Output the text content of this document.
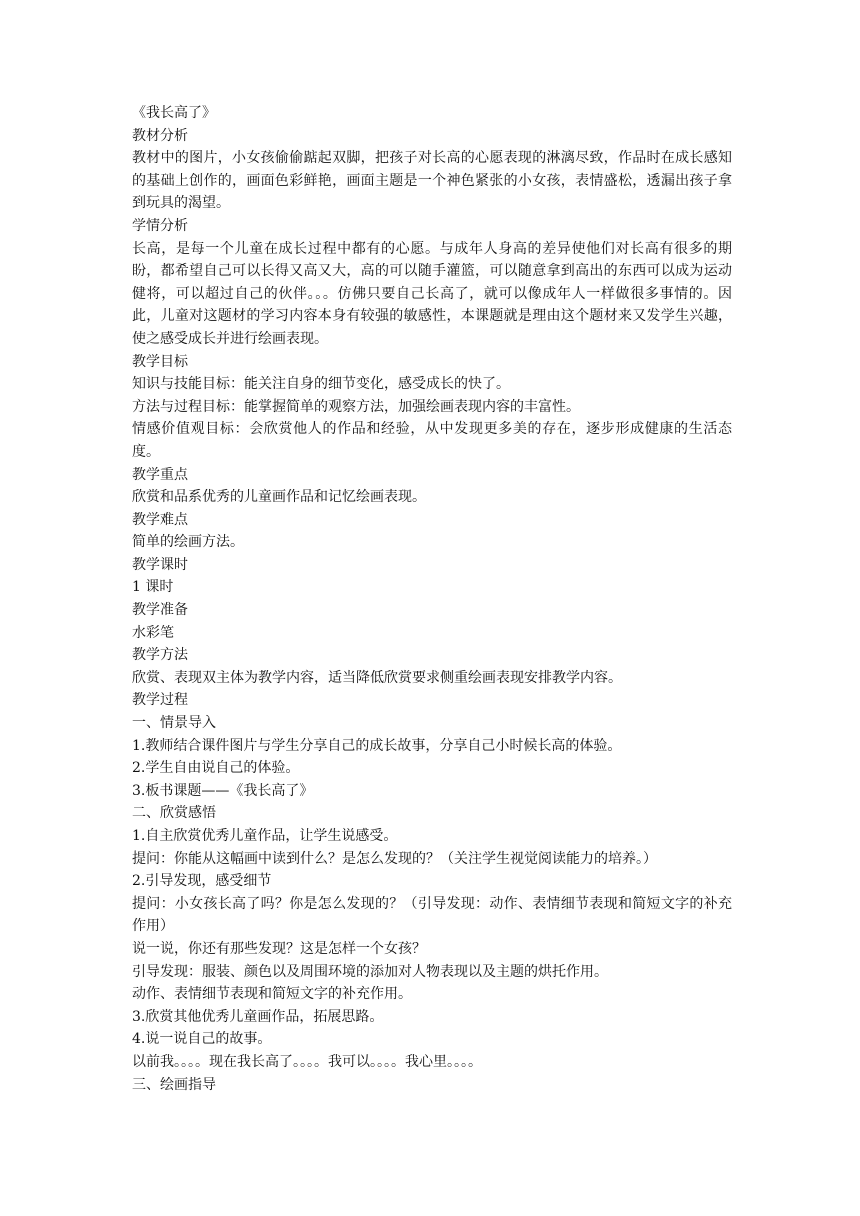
《我长高了》

教材分析

教材中的图片，小女孩偷偷踮起双脚，把孩子对长高的心愿表现的淋漓尽致，作品时在成长感知的基础上创作的，画面色彩鲜艳，画面主题是一个神色紧张的小女孩，表情盛松，透漏出孩子拿到玩具的渴望。

学情分析

长高，是每一个儿童在成长过程中都有的心愿。与成年人身高的差异使他们对长高有很多的期盼，都希望自己可以长得又高又大，高的可以随手灌篮，可以随意拿到高出的东西可以成为运动健将，可以超过自己的伙伴。。。仿佛只要自己长高了，就可以像成年人一样做很多事情的。因此，儿童对这题材的学习内容本身有较强的敏感性，本课题就是理由这个题材来又发学生兴趣，使之感受成长并进行绘画表现。

教学目标

知识与技能目标：能关注自身的细节变化，感受成长的快了。

方法与过程目标：能掌握简单的观察方法，加强绘画表现内容的丰富性。

情感价值观目标：会欣赏他人的作品和经验，从中发现更多美的存在，逐步形成健康的生活态度。

教学重点

欣赏和品系优秀的儿童画作品和记忆绘画表现。

教学难点

简单的绘画方法。

教学课时

1 课时

教学准备

水彩笔

教学方法

欣赏、表现双主体为教学内容，适当降低欣赏要求侧重绘画表现安排教学内容。

教学过程

一、情景导入

1.教师结合课件图片与学生分享自己的成长故事，分享自己小时候长高的体验。

2.学生自由说自己的体验。

3.板书课题——《我长高了》

二、欣赏感悟

1.自主欣赏优秀儿童作品，让学生说感受。

提问：你能从这幅画中读到什么？是怎么发现的？（关注学生视觉阅读能力的培养。）

2.引导发现，感受细节

提问：小女孩长高了吗？你是怎么发现的？（引导发现：动作、表情细节表现和简短文字的补充作用）

说一说，你还有那些发现？这是怎样一个女孩？

引导发现：服装、颜色以及周围环境的添加对人物表现以及主题的烘托作用。

动作、表情细节表现和简短文字的补充作用。

3.欣赏其他优秀儿童画作品，拓展思路。

4.说一说自己的故事。

以前我。。。。现在我长高了。。。。我可以。。。。我心里。。。。

三、绘画指导
